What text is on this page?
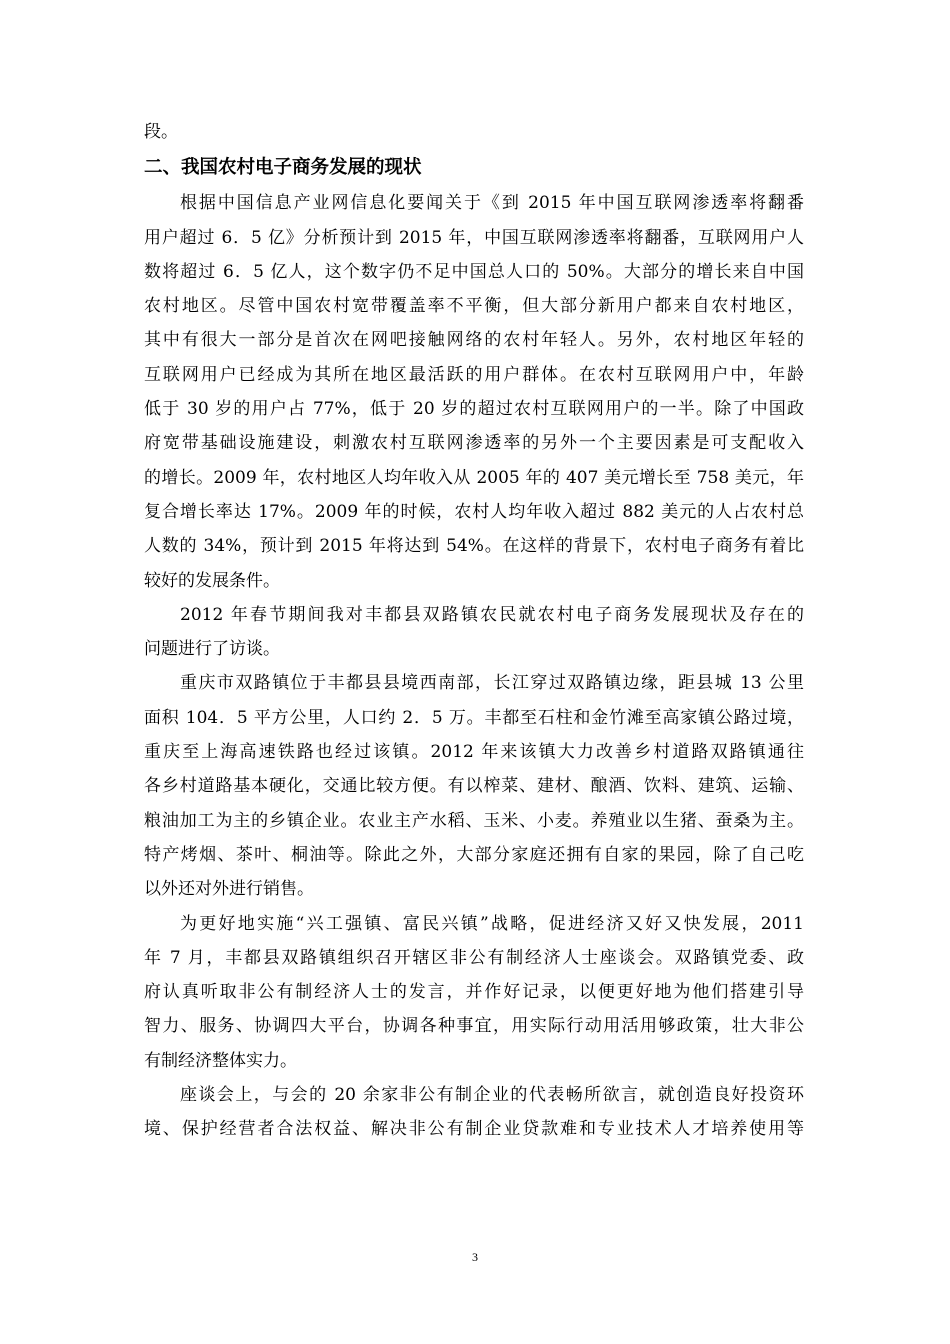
段。
二、我国农村电子商务发展的现状
根据中国信息产业网信息化要闻关于《到 2015 年中国互联网渗透率将翻番
用户超过 6．5 亿》分析预计到 2015 年，中国互联网渗透率将翻番，互联网用户人
数将超过 6．5 亿人，这个数字仍不足中国总人口的 50%。大部分的增长来自中国
农村地区。尽管中国农村宽带覆盖率不平衡，但大部分新用户都来自农村地区，
其中有很大一部分是首次在网吧接触网络的农村年轻人。另外，农村地区年轻的
互联网用户已经成为其所在地区最活跃的用户群体。在农村互联网用户中，年龄
低于 30 岁的用户占 77%，低于 20 岁的超过农村互联网用户的一半。除了中国政
府宽带基础设施建设，刺激农村互联网渗透率的另外一个主要因素是可支配收入
的增长。2009 年，农村地区人均年收入从 2005 年的 407 美元增长至 758 美元，年
复合增长率达 17%。2009 年的时候，农村人均年收入超过 882 美元的人占农村总
人数的 34%，预计到 2015 年将达到 54%。在这样的背景下，农村电子商务有着比
较好的发展条件。
2012 年春节期间我对丰都县双路镇农民就农村电子商务发展现状及存在的
问题进行了访谈。
重庆市双路镇位于丰都县县境西南部，长江穿过双路镇边缘，距县城 13 公里
面积 104．5 平方公里，人口约 2．5 万。丰都至石柱和金竹滩至高家镇公路过境，
重庆至上海高速铁路也经过该镇。2012 年来该镇大力改善乡村道路双路镇通往
各乡村道路基本硬化，交通比较方便。有以榨菜、建材、酿酒、饮料、建筑、运输、
粮油加工为主的乡镇企业。农业主产水稻、玉米、小麦。养殖业以生猪、蚕桑为主。
特产烤烟、茶叶、桐油等。除此之外，大部分家庭还拥有自家的果园，除了自己吃
以外还对外进行销售。
为更好地实施“兴工强镇、富民兴镇”战略，促进经济又好又快发展，2011
年 7 月，丰都县双路镇组织召开辖区非公有制经济人士座谈会。双路镇党委、政
府认真听取非公有制经济人士的发言，并作好记录，以便更好地为他们搭建引导
智力、服务、协调四大平台，协调各种事宜，用实际行动用活用够政策，壮大非公
有制经济整体实力。
座谈会上，与会的 20 余家非公有制企业的代表畅所欲言，就创造良好投资环
境、保护经营者合法权益、解决非公有制企业贷款难和专业技术人才培养使用等
3
